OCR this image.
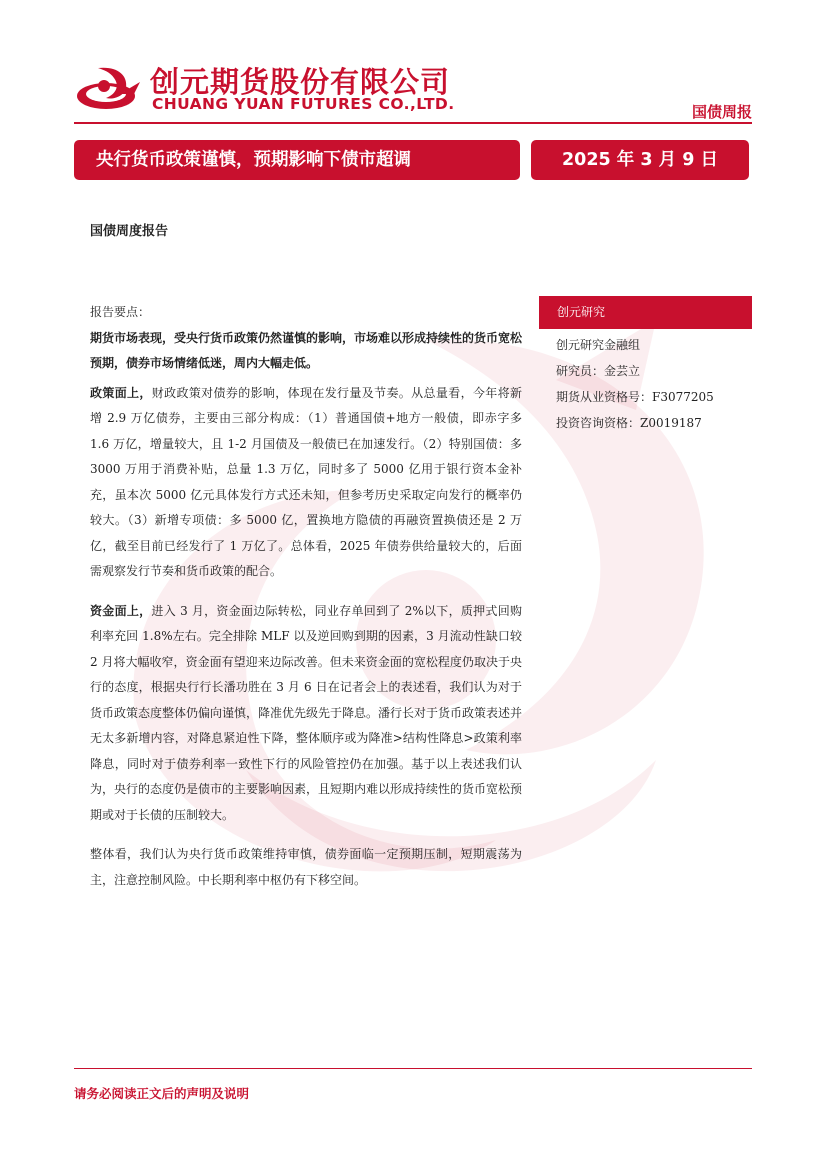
创元期货股份有限公司
CHUANG YUAN FUTURES CO.,LTD.	国债周报
央行货币政策谨慎，预期影响下债市超调	2025 年 3 月 9 日
国债周度报告

报告要点：

期货市场表现，受央行货币政策仍然谨慎的影响，市场难以形成持续性的货币宽松预期，债券市场情绪低迷，周内大幅走低。

政策面上，财政政策对债券的影响，体现在发行量及节奏。从总量看，今年将新增 2.9 万亿债券，主要由三部分构成：（1）普通国债+地方一般债，即赤字多 1.6 万亿，增量较大，且 1-2 月国债及一般债已在加速发行。（2）特别国债：多 3000 万用于消费补贴，总量 1.3 万亿，同时多了 5000 亿用于银行资本金补充，虽本次 5000 亿元具体发行方式还未知，但参考历史采取定向发行的概率仍较大。（3）新增专项债：多 5000 亿，置换地方隐债的再融资置换债还是 2 万亿，截至目前已经发行了 1 万亿了。总体看，2025 年债券供给量较大的，后面需观察发行节奏和货币政策的配合。

资金面上，进入 3 月，资金面边际转松，同业存单回到了 2%以下，质押式回购利率充回 1.8%左右。完全排除 MLF 以及逆回购到期的因素，3 月流动性缺口较 2 月将大幅收窄，资金面有望迎来边际改善。但未来资金面的宽松程度仍取决于央行的态度，根据央行行长潘功胜在 3 月 6 日在记者会上的表述看，我们认为对于货币政策态度整体仍偏向谨慎，降准优先级先于降息。潘行长对于货币政策表述并无太多新增内容，对降息紧迫性下降，整体顺序或为降准>结构性降息>政策利率降息，同时对于债券利率一致性下行的风险管控仍在加强。基于以上表述我们认为，央行的态度仍是债市的主要影响因素，且短期内难以形成持续性的货币宽松预期或对于长债的压制较大。

整体看，我们认为央行货币政策维持审慎，债券面临一定预期压制，短期震荡为主，注意控制风险。中长期利率中枢仍有下移空间。

创元研究
创元研究金融组
研究员：金芸立
期货从业资格号：F3077205
投资咨询资格：Z0019187
请务必阅读正文后的声明及说明
